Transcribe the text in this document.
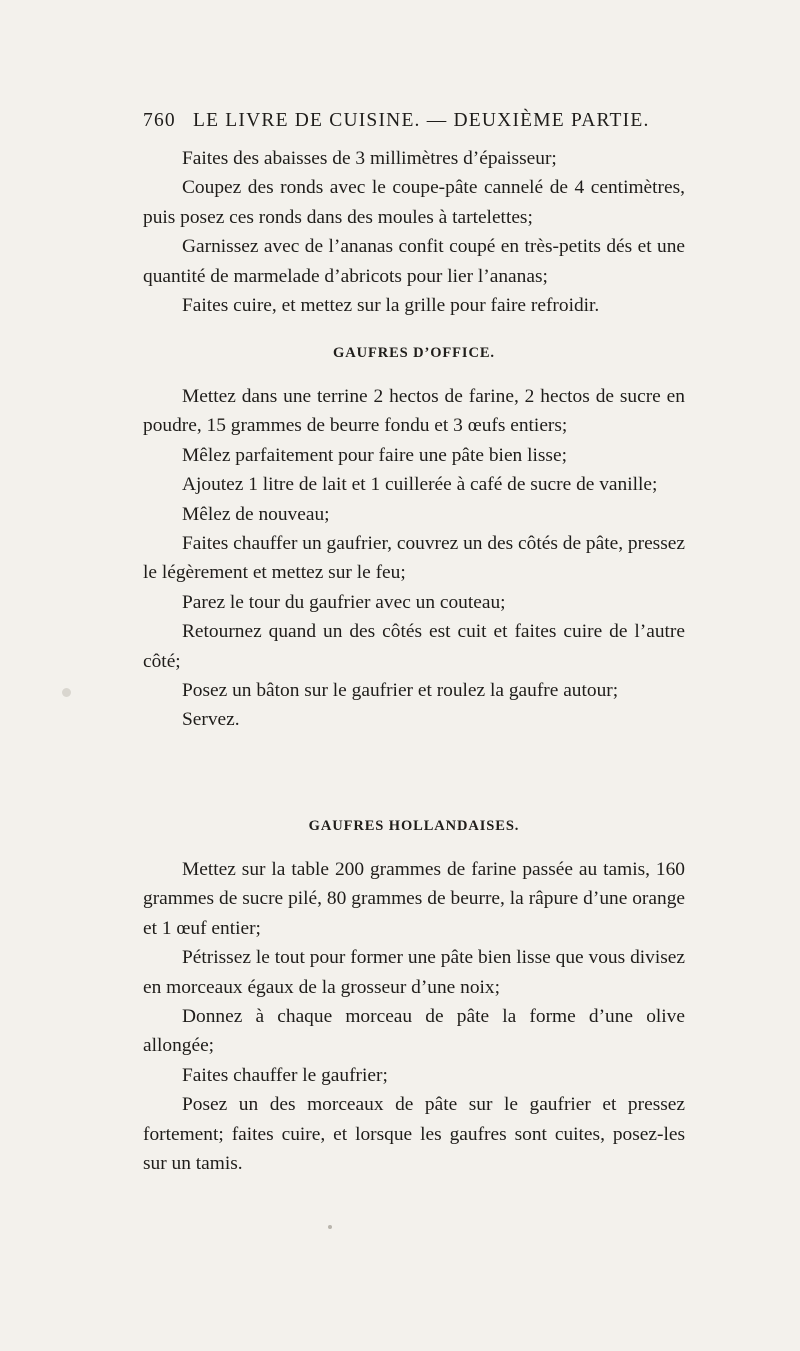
760 LE LIVRE DE CUISINE. — DEUXIÈME PARTIE.

Faites des abaisses de 3 millimètres d’épaisseur;

Coupez des ronds avec le coupe-pâte cannelé de 4 centimètres, puis posez ces ronds dans des moules à tartelettes;

Garnissez avec de l’ananas confit coupé en très-petits dés et une quantité de marmelade d’abricots pour lier l’ananas;

Faites cuire, et mettez sur la grille pour faire refroidir.

GAUFRES D’OFFICE.

Mettez dans une terrine 2 hectos de farine, 2 hectos de sucre en poudre, 15 grammes de beurre fondu et 3 œufs entiers;

Mêlez parfaitement pour faire une pâte bien lisse;

Ajoutez 1 litre de lait et 1 cuillerée à café de sucre de vanille;

Mêlez de nouveau;

Faites chauffer un gaufrier, couvrez un des côtés de pâte, pressez le légèrement et mettez sur le feu;

Parez le tour du gaufrier avec un couteau;

Retournez quand un des côtés est cuit et faites cuire de l’autre côté;

Posez un bâton sur le gaufrier et roulez la gaufre autour;

Servez.

GAUFRES HOLLANDAISES.

Mettez sur la table 200 grammes de farine passée au tamis, 160 grammes de sucre pilé, 80 grammes de beurre, la râpure d’une orange et 1 œuf entier;

Pétrissez le tout pour former une pâte bien lisse que vous divisez en morceaux égaux de la grosseur d’une noix;

Donnez à chaque morceau de pâte la forme d’une olive allongée;

Faites chauffer le gaufrier;

Posez un des morceaux de pâte sur le gaufrier et pressez fortement; faites cuire, et lorsque les gaufres sont cuites, posez-les sur un tamis.
